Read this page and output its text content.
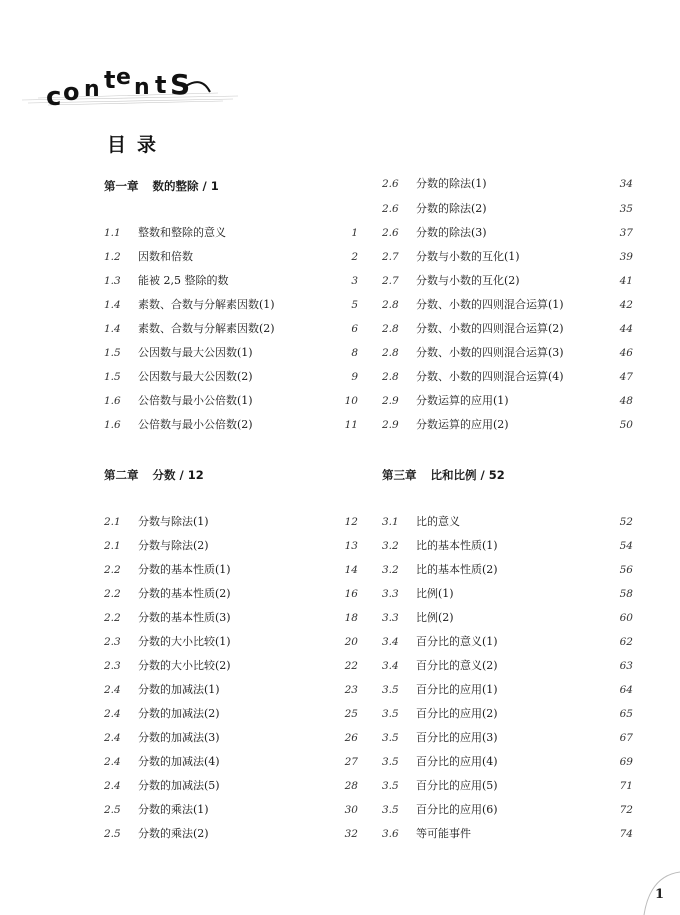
c o n t e n t S
目录
第一章 数的整除 / 1
1.1	整数和整除的意义	1
1.2	因数和倍数	2
1.3	能被 2,5 整除的数	3
1.4	素数、合数与分解素因数(1)	5
1.4	素数、合数与分解素因数(2)	6
1.5	公因数与最大公因数(1)	8
1.5	公因数与最大公因数(2)	9
1.6	公倍数与最小公倍数(1)	10
1.6	公倍数与最小公倍数(2)	11
第二章 分数 / 12
2.1	分数与除法(1)	12
2.1	分数与除法(2)	13
2.2	分数的基本性质(1)	14
2.2	分数的基本性质(2)	16
2.2	分数的基本性质(3)	18
2.3	分数的大小比较(1)	20
2.3	分数的大小比较(2)	22
2.4	分数的加减法(1)	23
2.4	分数的加减法(2)	25
2.4	分数的加减法(3)	26
2.4	分数的加减法(4)	27
2.4	分数的加减法(5)	28
2.5	分数的乘法(1)	30
2.5	分数的乘法(2)	32
2.6	分数的除法(1)	34
2.6	分数的除法(2)	35
2.6	分数的除法(3)	37
2.7	分数与小数的互化(1)	39
2.7	分数与小数的互化(2)	41
2.8	分数、小数的四则混合运算(1)	42
2.8	分数、小数的四则混合运算(2)	44
2.8	分数、小数的四则混合运算(3)	46
2.8	分数、小数的四则混合运算(4)	47
2.9	分数运算的应用(1)	48
2.9	分数运算的应用(2)	50
第三章 比和比例 / 52
3.1	比的意义	52
3.2	比的基本性质(1)	54
3.2	比的基本性质(2)	56
3.3	比例(1)	58
3.3	比例(2)	60
3.4	百分比的意义(1)	62
3.4	百分比的意义(2)	63
3.5	百分比的应用(1)	64
3.5	百分比的应用(2)	65
3.5	百分比的应用(3)	67
3.5	百分比的应用(4)	69
3.5	百分比的应用(5)	71
3.5	百分比的应用(6)	72
3.6	等可能事件	74
1
